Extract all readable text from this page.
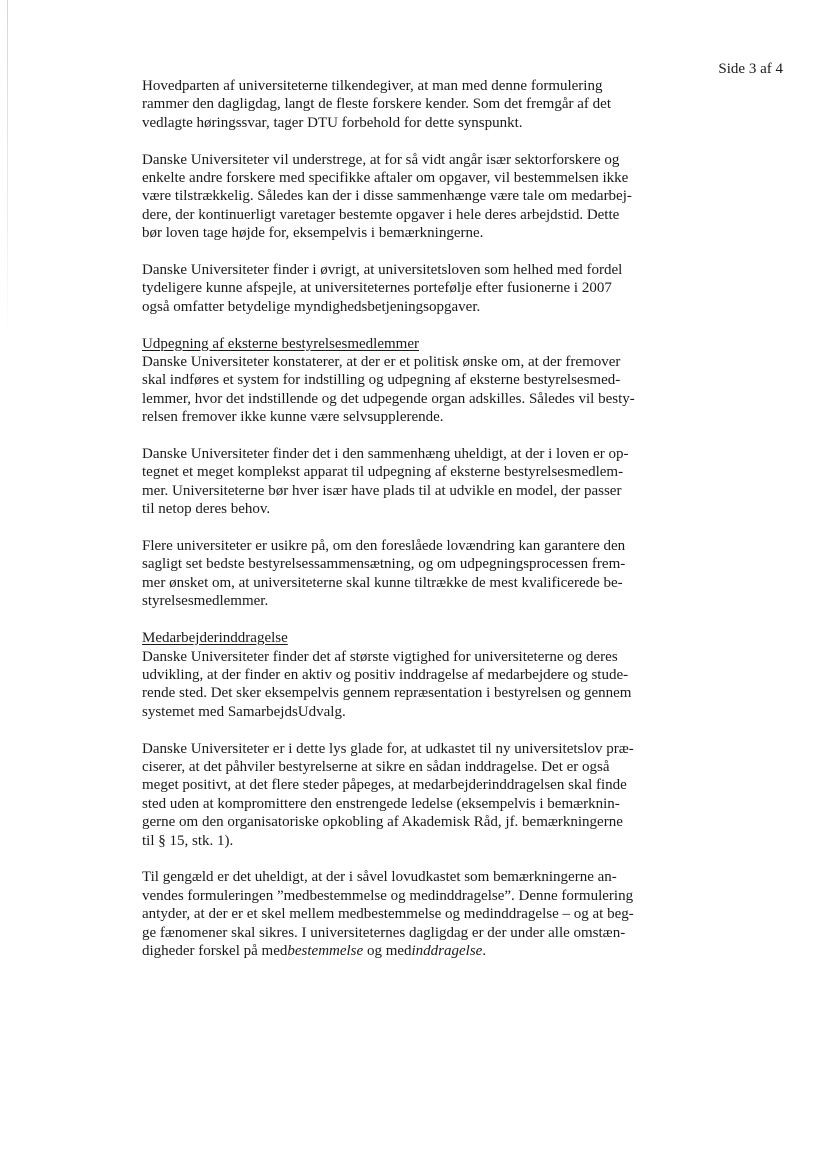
Side 3 af 4

Hovedparten af universiteterne tilkendegiver, at man med denne formulering
rammer den dagligdag, langt de fleste forskere kender. Som det fremgår af det
vedlagte høringssvar, tager DTU forbehold for dette synspunkt.

Danske Universiteter vil understrege, at for så vidt angår især sektorforskere og
enkelte andre forskere med specifikke aftaler om opgaver, vil bestemmelsen ikke
være tilstrækkelig. Således kan der i disse sammenhænge være tale om medarbej-
dere, der kontinuerligt varetager bestemte opgaver i hele deres arbejdstid. Dette
bør loven tage højde for, eksempelvis i bemærkningerne.

Danske Universiteter finder i øvrigt, at universitetsloven som helhed med fordel
tydeligere kunne afspejle, at universiteternes portefølje efter fusionerne i 2007
også omfatter betydelige myndighedsbetjeningsopgaver.

Udpegning af eksterne bestyrelsesmedlemmer

Danske Universiteter konstaterer, at der er et politisk ønske om, at der fremover
skal indføres et system for indstilling og udpegning af eksterne bestyrelsesmed-
lemmer, hvor det indstillende og det udpegende organ adskilles. Således vil besty-
relsen fremover ikke kunne være selvsupplerende.

Danske Universiteter finder det i den sammenhæng uheldigt, at der i loven er op-
tegnet et meget komplekst apparat til udpegning af eksterne bestyrelsesmedlem-
mer. Universiteterne bør hver især have plads til at udvikle en model, der passer
til netop deres behov.

Flere universiteter er usikre på, om den foreslåede lovændring kan garantere den
sagligt set bedste bestyrelsessammensætning, og om udpegningsprocessen frem-
mer ønsket om, at universiteterne skal kunne tiltrække de mest kvalificerede be-
styrelsesmedlemmer.

Medarbejderinddragelse

Danske Universiteter finder det af største vigtighed for universiteterne og deres
udvikling, at der finder en aktiv og positiv inddragelse af medarbejdere og stude-
rende sted. Det sker eksempelvis gennem repræsentation i bestyrelsen og gennem
systemet med SamarbejdsUdvalg.

Danske Universiteter er i dette lys glade for, at udkastet til ny universitetslov præ-
ciserer, at det påhviler bestyrelserne at sikre en sådan inddragelse. Det er også
meget positivt, at det flere steder påpeges, at medarbejderinddragelsen skal finde
sted uden at kompromittere den enstrengede ledelse (eksempelvis i bemærknin-
gerne om den organisatoriske opkobling af Akademisk Råd, jf. bemærkningerne
til § 15, stk. 1).

Til gengæld er det uheldigt, at der i såvel lovudkastet som bemærkningerne an-
vendes formuleringen ”medbestemmelse og medinddragelse”. Denne formulering
antyder, at der er et skel mellem medbestemmelse og medinddragelse – og at beg-
ge fænomener skal sikres. I universiteternes dagligdag er der under alle omstæn-
digheder forskel på medbestemmelse og medinddragelse.
